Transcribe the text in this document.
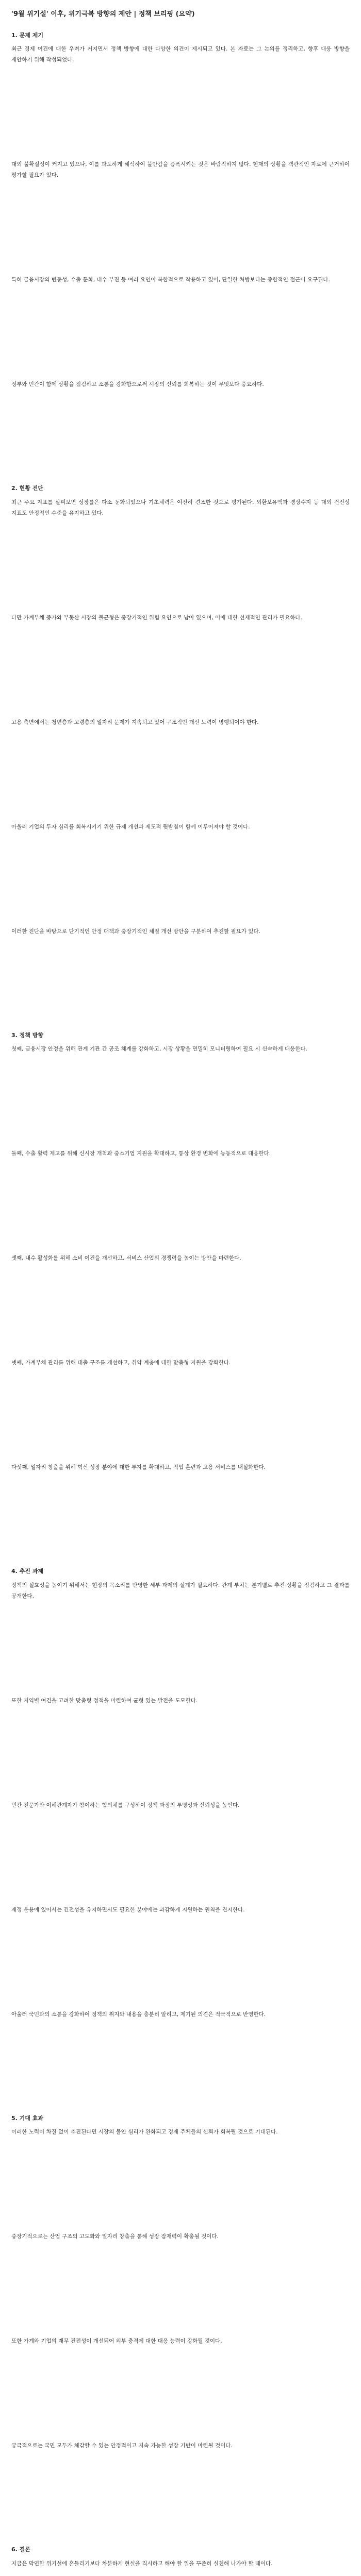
'9월 위기설' 이후, 위기극복 방향의 제안 | 정책 브리핑 (요약)
1. 문제 제기

최근 경제 여건에 대한 우려가 커지면서 정책 방향에 대한 다양한 의견이 제시되고 있다. 본 자료는 그 논의를 정리하고, 향후 대응 방향을 제안하기 위해 작성되었다.

대외 불확실성이 커지고 있으나, 이를 과도하게 해석하여 불안감을 증폭시키는 것은 바람직하지 않다. 현재의 상황을 객관적인 자료에 근거하여 평가할 필요가 있다.

특히 금융시장의 변동성, 수출 둔화, 내수 부진 등 여러 요인이 복합적으로 작용하고 있어, 단일한 처방보다는 종합적인 접근이 요구된다.

정부와 민간이 함께 상황을 점검하고 소통을 강화함으로써 시장의 신뢰를 회복하는 것이 무엇보다 중요하다.

2. 현황 진단

최근 주요 지표를 살펴보면 성장률은 다소 둔화되었으나 기초체력은 여전히 견조한 것으로 평가된다. 외환보유액과 경상수지 등 대외 건전성 지표도 안정적인 수준을 유지하고 있다.

다만 가계부채 증가와 부동산 시장의 불균형은 중장기적인 위험 요인으로 남아 있으며, 이에 대한 선제적인 관리가 필요하다.

고용 측면에서는 청년층과 고령층의 일자리 문제가 지속되고 있어 구조적인 개선 노력이 병행되어야 한다.

아울러 기업의 투자 심리를 회복시키기 위한 규제 개선과 제도적 뒷받침이 함께 이루어져야 할 것이다.

이러한 진단을 바탕으로 단기적인 안정 대책과 중장기적인 체질 개선 방안을 구분하여 추진할 필요가 있다.

3. 정책 방향

첫째, 금융시장 안정을 위해 관계 기관 간 공조 체계를 강화하고, 시장 상황을 면밀히 모니터링하여 필요 시 신속하게 대응한다.

둘째, 수출 활력 제고를 위해 신시장 개척과 중소기업 지원을 확대하고, 통상 환경 변화에 능동적으로 대응한다.

셋째, 내수 활성화를 위해 소비 여건을 개선하고, 서비스 산업의 경쟁력을 높이는 방안을 마련한다.

넷째, 가계부채 관리를 위해 대출 구조를 개선하고, 취약 계층에 대한 맞춤형 지원을 강화한다.

다섯째, 일자리 창출을 위해 혁신 성장 분야에 대한 투자를 확대하고, 직업 훈련과 고용 서비스를 내실화한다.

4. 추진 과제

정책의 실효성을 높이기 위해서는 현장의 목소리를 반영한 세부 과제의 설계가 필요하다. 관계 부처는 분기별로 추진 상황을 점검하고 그 결과를 공개한다.

또한 지역별 여건을 고려한 맞춤형 정책을 마련하여 균형 있는 발전을 도모한다.

민간 전문가와 이해관계자가 참여하는 협의체를 구성하여 정책 과정의 투명성과 신뢰성을 높인다.

재정 운용에 있어서는 건전성을 유지하면서도 필요한 분야에는 과감하게 지원하는 원칙을 견지한다.

아울러 국민과의 소통을 강화하여 정책의 취지와 내용을 충분히 알리고, 제기된 의견은 적극적으로 반영한다.

5. 기대 효과

이러한 노력이 차질 없이 추진된다면 시장의 불안 심리가 완화되고 경제 주체들의 신뢰가 회복될 것으로 기대된다.

중장기적으로는 산업 구조의 고도화와 일자리 창출을 통해 성장 잠재력이 확충될 것이다.

또한 가계와 기업의 재무 건전성이 개선되어 외부 충격에 대한 대응 능력이 강화될 것이다.

궁극적으로는 국민 모두가 체감할 수 있는 안정적이고 지속 가능한 성장 기반이 마련될 것이다.

6. 결론

지금은 막연한 위기설에 흔들리기보다 차분하게 현실을 직시하고 해야 할 일을 꾸준히 실천해 나가야 할 때이다.
